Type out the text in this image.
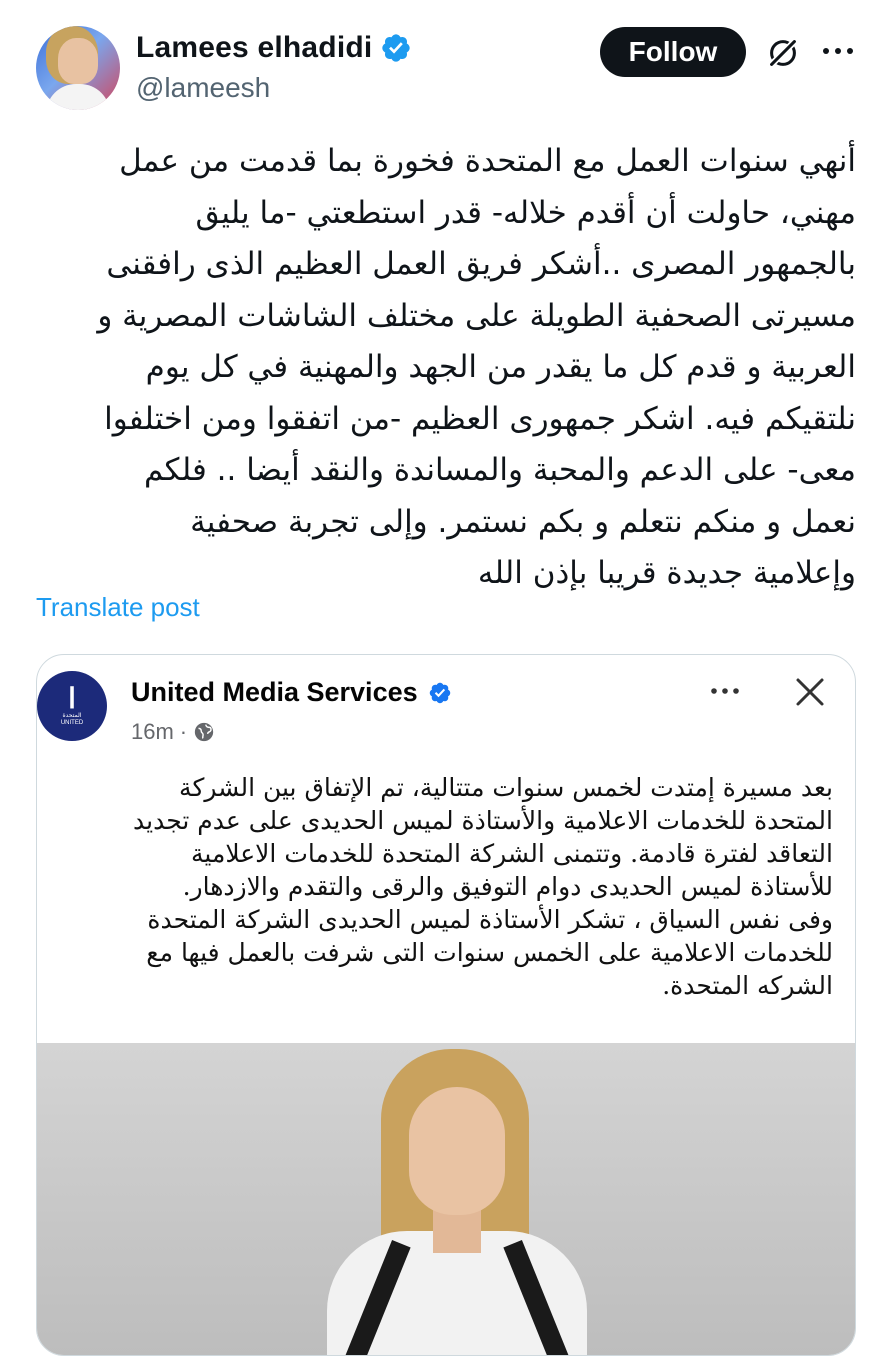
Lamees elhadidi
@lameesh
Follow
أنهي سنوات العمل مع المتحدة فخورة بما قدمت من عمل
مهني، حاولت أن أقدم خلاله- قدر استطعتي -ما يليق
بالجمهور المصرى ..أشكر فريق العمل العظيم الذى رافقنى
مسيرتى الصحفية الطويلة على مختلف الشاشات المصرية و
العربية و قدم كل ما يقدر من الجهد والمهنية في كل يوم
نلتقيكم فيه. اشكر جمهورى العظيم -من اتفقوا ومن اختلفوا
معى- على الدعم والمحبة والمساندة والنقد أيضا .. فلكم
نعمل و منكم نتعلم و بكم نستمر. وإلى تجربة صحفية
وإعلامية جديدة قريبا بإذن الله
Translate post
ا
المتحدة
UNITED
United Media Services
16m ·
بعد مسيرة إمتدت لخمس سنوات متتالية، تم الإتفاق بين الشركة
المتحدة للخدمات الاعلامية والأستاذة لميس الحديدى على عدم تجديد
التعاقد لفترة قادمة. وتتمنى الشركة المتحدة للخدمات الاعلامية
للأستاذة لميس الحديدى دوام التوفيق والرقى والتقدم والازدهار.
وفى نفس السياق ، تشكر الأستاذة لميس الحديدى الشركة المتحدة
للخدمات الاعلامية على الخمس سنوات التى شرفت بالعمل فيها مع
الشركه المتحدة.
